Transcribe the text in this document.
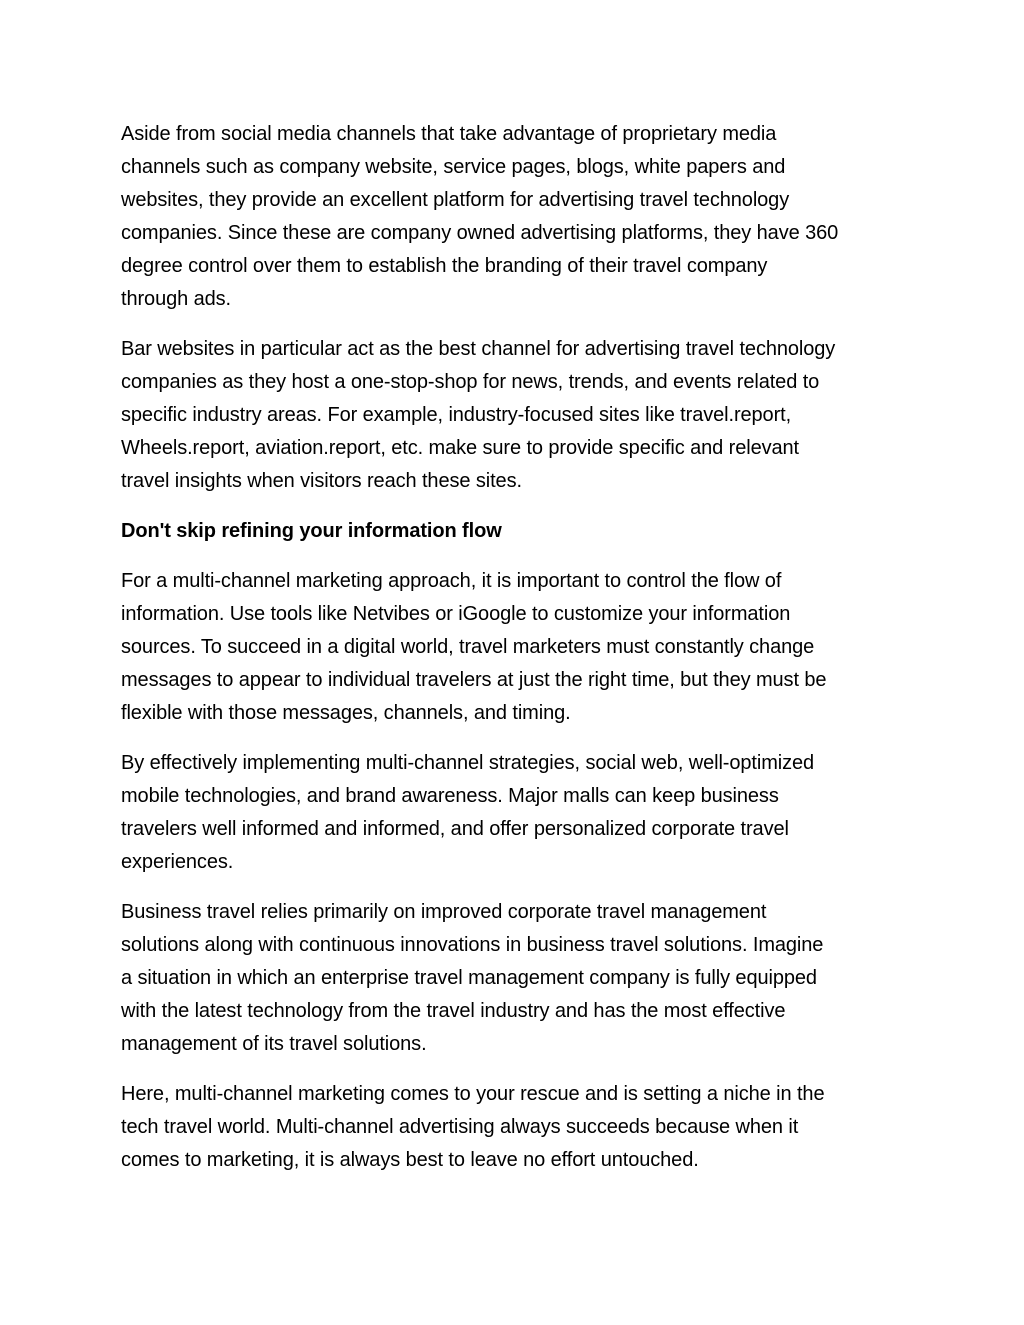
Aside from social media channels that take advantage of proprietary media
channels such as company website, service pages, blogs, white papers and
websites, they provide an excellent platform for advertising travel technology
companies. Since these are company owned advertising platforms, they have 360
degree control over them to establish the branding of their travel company
through ads.

Bar websites in particular act as the best channel for advertising travel technology
companies as they host a one-stop-shop for news, trends, and events related to
specific industry areas. For example, industry-focused sites like travel.report,
Wheels.report, aviation.report, etc. make sure to provide specific and relevant
travel insights when visitors reach these sites.

Don't skip refining your information flow

For a multi-channel marketing approach, it is important to control the flow of
information. Use tools like Netvibes or iGoogle to customize your information
sources. To succeed in a digital world, travel marketers must constantly change
messages to appear to individual travelers at just the right time, but they must be
flexible with those messages, channels, and timing.

By effectively implementing multi-channel strategies, social web, well-optimized
mobile technologies, and brand awareness. Major malls can keep business
travelers well informed and informed, and offer personalized corporate travel
experiences.

Business travel relies primarily on improved corporate travel management
solutions along with continuous innovations in business travel solutions. Imagine
a situation in which an enterprise travel management company is fully equipped
with the latest technology from the travel industry and has the most effective
management of its travel solutions.

Here, multi-channel marketing comes to your rescue and is setting a niche in the
tech travel world. Multi-channel advertising always succeeds because when it
comes to marketing, it is always best to leave no effort untouched.
